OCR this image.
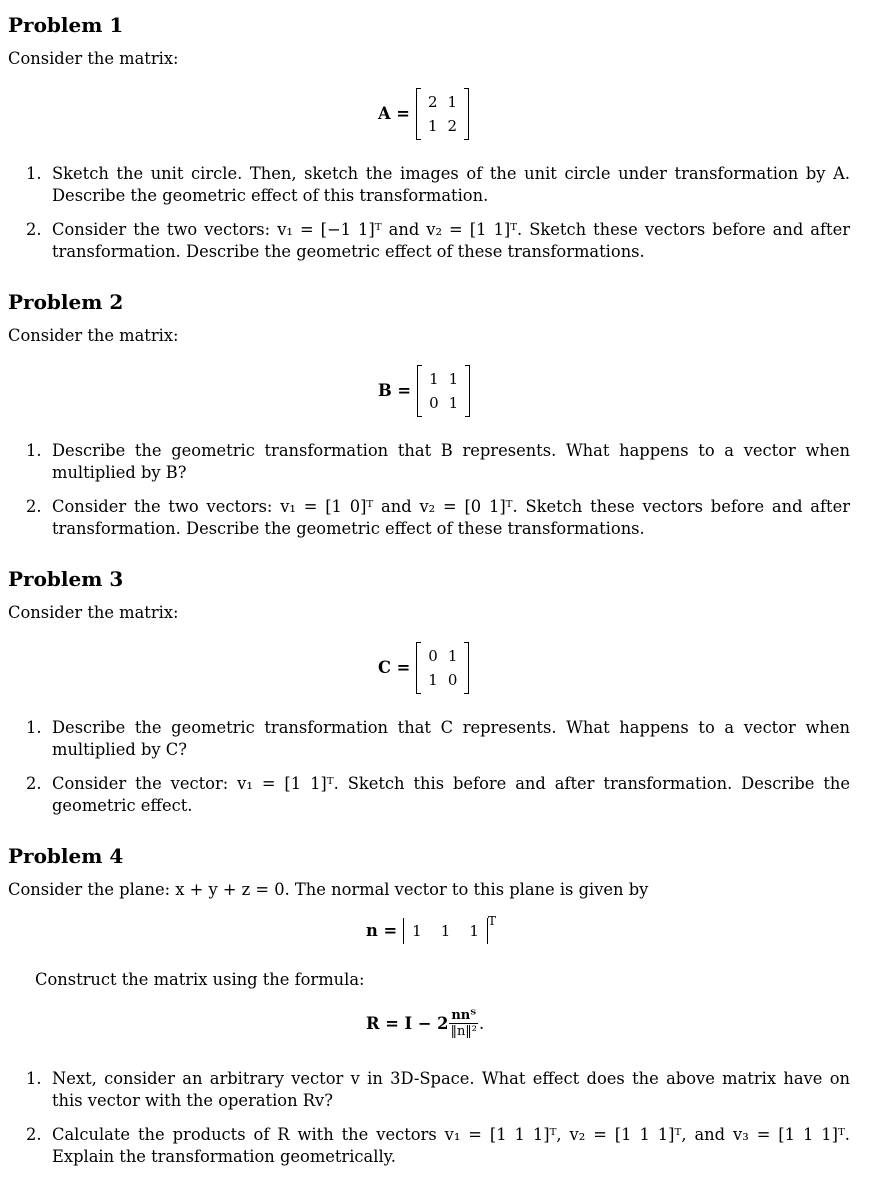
Problem 1
Consider the matrix:
A =
2	1
1	2
1. Sketch the unit circle. Then, sketch the images of the unit circle under transformation by A. Describe the geometric effect of this transformation.
2. Consider the two vectors: v₁ = [−1 1]ᵀ and v₂ = [1 1]ᵀ. Sketch these vectors before and after transformation. Describe the geometric effect of these transformations.
Problem 2
Consider the matrix:
B =
1	1
0	1
1. Describe the geometric transformation that B represents. What happens to a vector when multiplied by B?
2. Consider the two vectors: v₁ = [1 0]ᵀ and v₂ = [0 1]ᵀ. Sketch these vectors before and after transformation. Describe the geometric effect of these transformations.
Problem 3
Consider the matrix:
C =
0	1
1	0
1. Describe the geometric transformation that C represents. What happens to a vector when multiplied by C?
2. Consider the vector: v₁ = [1 1]ᵀ. Sketch this before and after transformation. Describe the geometric effect.
Problem 4
Consider the plane: x + y + z = 0. The normal vector to this plane is given by
n =	1 1 1
$^T$
Construct the matrix using the formula:
$R = I - 2 \frac{\text{nnᵀ}}{\text{‖n‖²}}$ .
1. Next, consider an arbitrary vector v in 3D-Space. What effect does the above matrix have on this vector with the operation Rv?
2. Calculate the products of R with the vectors v₁ = [1 1 1]ᵀ, v₂ = [1 1 1]ᵀ, and v₃ = [1 1 1]ᵀ. Explain the transformation geometrically.
